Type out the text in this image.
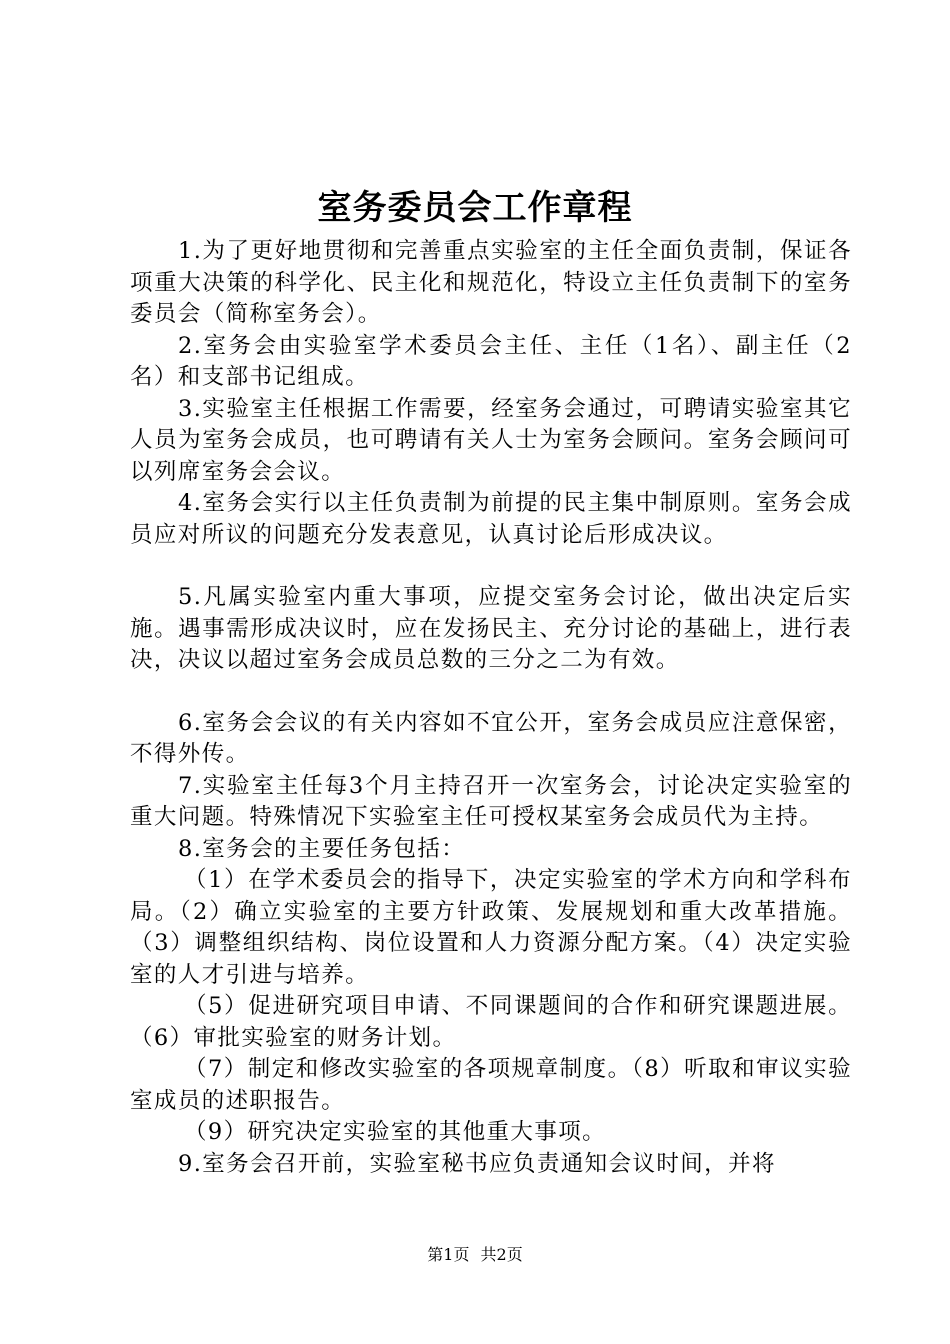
室务委员会工作章程

1.为了更好地贯彻和完善重点实验室的主任全面负责制，保证各项重大决策的科学化、民主化和规范化，特设立主任负责制下的室务委员会（简称室务会）。

2.室务会由实验室学术委员会主任、主任（1名）、副主任（2名）和支部书记组成。

3.实验室主任根据工作需要，经室务会通过，可聘请实验室其它人员为室务会成员，也可聘请有关人士为室务会顾问。室务会顾问可以列席室务会会议。

4.室务会实行以主任负责制为前提的民主集中制原则。室务会成员应对所议的问题充分发表意见，认真讨论后形成决议。

5.凡属实验室内重大事项，应提交室务会讨论，做出决定后实施。遇事需形成决议时，应在发扬民主、充分讨论的基础上，进行表决，决议以超过室务会成员总数的三分之二为有效。

6.室务会会议的有关内容如不宜公开，室务会成员应注意保密，不得外传。

7.实验室主任每3个月主持召开一次室务会，讨论决定实验室的重大问题。特殊情况下实验室主任可授权某室务会成员代为主持。

8.室务会的主要任务包括：

（1）在学术委员会的指导下，决定实验室的学术方向和学科布局。（2）确立实验室的主要方针政策、发展规划和重大改革措施。（3）调整组织结构、岗位设置和人力资源分配方案。（4）决定实验室的人才引进与培养。

（5）促进研究项目申请、不同课题间的合作和研究课题进展。（6）审批实验室的财务计划。

（7）制定和修改实验室的各项规章制度。（8）听取和审议实验室成员的述职报告。

（9）研究决定实验室的其他重大事项。

9.室务会召开前，实验室秘书应负责通知会议时间，并将

第1页 共2页
